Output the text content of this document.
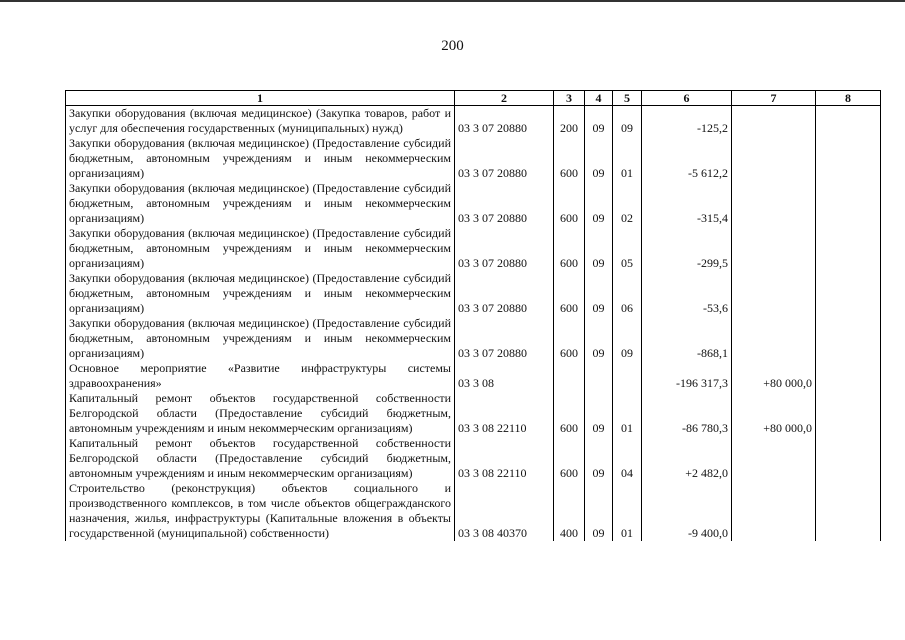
200
1	2	3	4	5	6	7	8
Закупки оборудования (включая медицинское) (Закупка товаров, работ и услуг для обеспечения государственных (муниципальных) нужд)	03 3 07 20880	200	09	09	-125,2		
Закупки оборудования (включая медицинское) (Предоставление субсидий бюджетным, автономным учреждениям и иным некоммерческим организациям)	03 3 07 20880	600	09	01	-5 612,2		
Закупки оборудования (включая медицинское) (Предоставление субсидий бюджетным, автономным учреждениям и иным некоммерческим организациям)	03 3 07 20880	600	09	02	-315,4		
Закупки оборудования (включая медицинское) (Предоставление субсидий бюджетным, автономным учреждениям и иным некоммерческим организациям)	03 3 07 20880	600	09	05	-299,5		
Закупки оборудования (включая медицинское) (Предоставление субсидий бюджетным, автономным учреждениям и иным некоммерческим организациям)	03 3 07 20880	600	09	06	-53,6		
Закупки оборудования (включая медицинское) (Предоставление субсидий бюджетным, автономным учреждениям и иным некоммерческим организациям)	03 3 07 20880	600	09	09	-868,1		
Основное мероприятие «Развитие инфраструктуры системы здравоохранения»	03 3 08				-196 317,3	+80 000,0	
Капитальный ремонт объектов государственной собственности Белгородской области (Предоставление субсидий бюджетным, автономным учреждениям и иным некоммерческим организациям)	03 3 08 22110	600	09	01	-86 780,3	+80 000,0	
Капитальный ремонт объектов государственной собственности Белгородской области (Предоставление субсидий бюджетным, автономным учреждениям и иным некоммерческим организациям)	03 3 08 22110	600	09	04	+2 482,0		
Строительство (реконструкция) объектов социального и производственного комплексов, в том числе объектов общегражданского назначения, жилья, инфраструктуры (Капитальные вложения в объекты государственной (муниципальной) собственности)	03 3 08 40370	400	09	01	-9 400,0		
